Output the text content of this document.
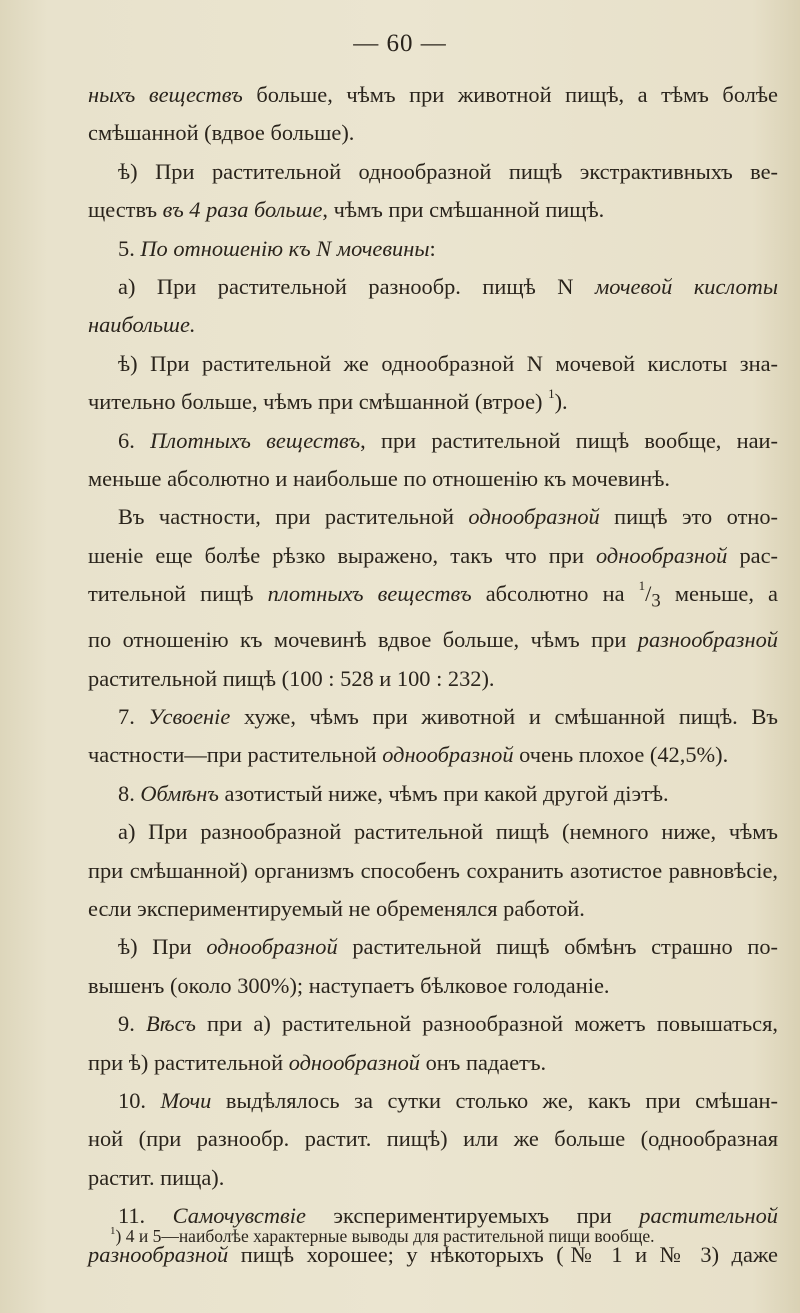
— 60 —
ныхъ веществъ больше, чѣмъ при животной пищѣ, а тѣмъ болѣе
смѣшанной (вдвое больше).
ѣ) При растительной однообразной пищѣ экстрактивныхъ ве-
ществъ въ 4 раза больше, чѣмъ при смѣшанной пищѣ.
5. По отношенію къ N мочевины:
а) При растительной разнообр. пищѣ N мочевой кислоты
наибольше.
ѣ) При растительной же однообразной N мочевой кислоты зна-
чительно больше, чѣмъ при смѣшанной (втрое) $^1$).
6. Плотныхъ веществъ, при растительной пищѣ вообще, наи-
меньше абсолютно и наибольше по отношенію къ мочевинѣ.
Въ частности, при растительной однообразной пищѣ это отно-
шеніе еще болѣе рѣзко выражено, такъ что при однообразной рас-
тительной пищѣ плотныхъ веществъ абсолютно на $^1/_3$ меньше, а
по отношенію къ мочевинѣ вдвое больше, чѣмъ при разнообразной
растительной пищѣ (100 : 528 и 100 : 232).
7. Усвоеніе хуже, чѣмъ при животной и смѣшанной пищѣ. Въ
частности—при растительной однообразной очень плохое (42,5%).
8. Обмѣнъ азотистый ниже, чѣмъ при какой другой діэтѣ.
а) При разнообразной растительной пищѣ (немного ниже, чѣмъ
при смѣшанной) организмъ способенъ сохранить азотистое равновѣсіе,
если экспериментируемый не обременялся работой.
ѣ) При однообразной растительной пищѣ обмѣнъ страшно по-
вышенъ (около 300%); наступаетъ бѣлковое голоданіе.
9. Вѣсъ при а) растительной разнообразной можетъ повышаться,
при ѣ) растительной однообразной онъ падаетъ.
10. Мочи выдѣлялось за сутки столько же, какъ при смѣшан-
ной (при разнообр. растит. пищѣ) или же больше (однообразная
растит. пища).
11. Самочувствіе экспериментируемыхъ при растительной
разнообразной пищѣ хорошее; у нѣкоторыхъ (№ 1 и № 3) даже
$^1$) 4 и 5—наиболѣе характерные выводы для растительной пищи вообще.
